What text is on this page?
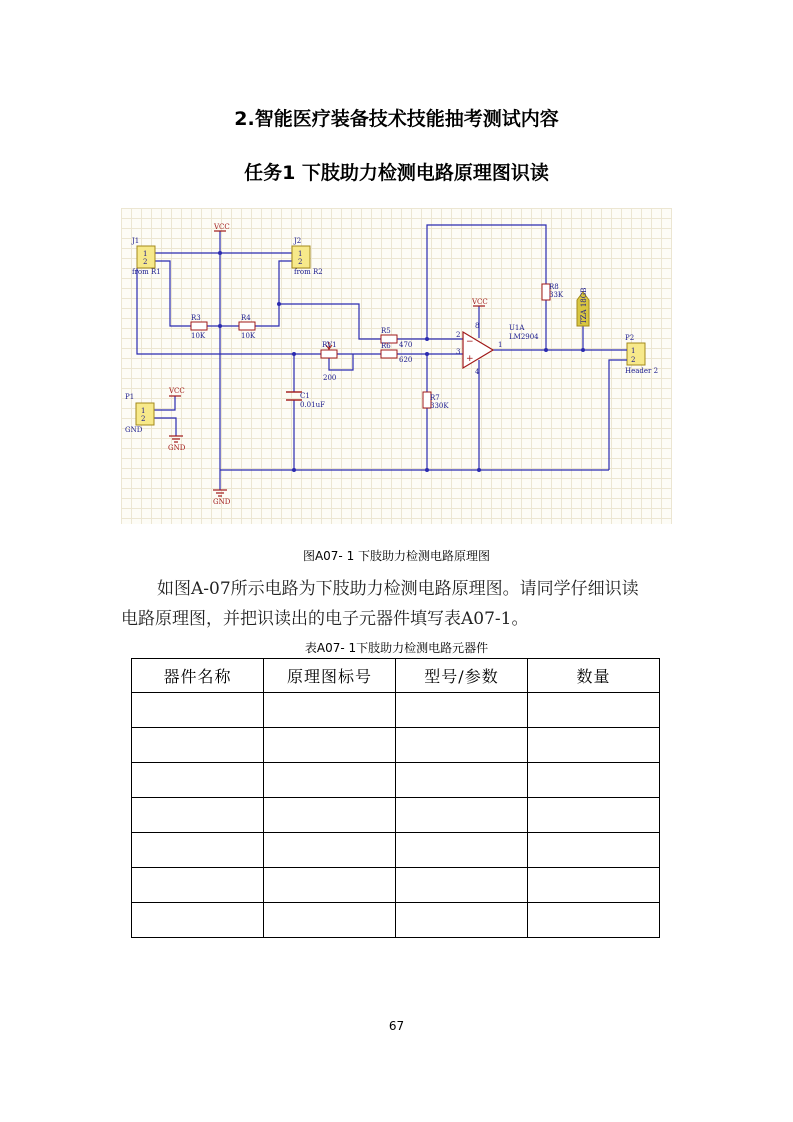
2.智能医疗装备技术技能抽考测试内容
任务1 下肢助力检测电路原理图识读
−
+
TZA 18GB
VCC
J1
1
2
from R1
J2
1
2
from R2
R3
10K
R4
10K
R5
470
R6
620
RV1
200
C1
0.01uF
R7
330K
R8
33K
U1A
LM2904
VCC
2
3
1
8
4
P2
1
2
Header 2
P1
1
2
GND
VCC
GND
GND
图A07- 1 下肢助力检测电路原理图
如图A-07所示电路为下肢助力检测电路原理图。请同学仔细识读
电路原理图，并把识读出的电子元器件填写表A07-1。
表A07- 1下肢助力检测电路元器件
器件名称	原理图标号	型号/参数	数量

67
